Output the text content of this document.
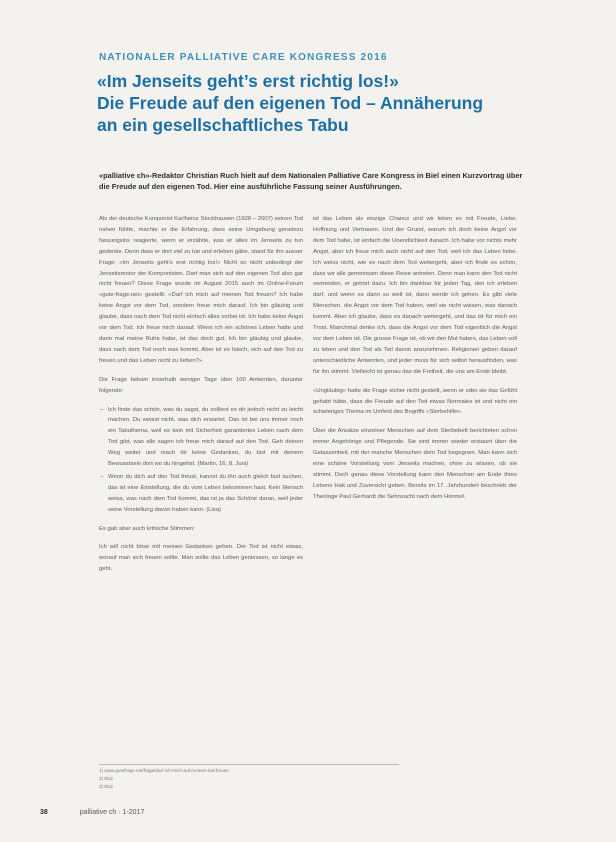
NATIONALER PALLIATIVE CARE KONGRESS 2016
«Im Jenseits geht’s erst richtig los!»
Die Freude auf den eigenen Tod – Annäherung
an ein gesellschaftliches Tabu
«palliative ch»-Redaktor Christian Ruch hielt auf dem Nationalen Palliative Care Kongress in Biel einen Kurzvortrag über die Freude auf den eigenen Tod. Hier eine ausführliche Fassung seiner Ausführungen.

Als der deutsche Komponist Karlheinz Stockhausen (1928 – 2007) seinen Tod nahen fühlte, machte er die Erfahrung, dass seine Umgebung geradezu fassungslos reagierte, wenn er erzählte, was er alles im Jenseits zu tun gedenke. Denn dass er dort viel zu tun und erleben gäbe, stand für ihn ausser Frage: «Im Jenseits geht’s erst richtig los!» Nicht so nicht unbedingt der Jenseitsmotor der Komponisten. Darf man sich auf den eigenen Tod also gar nicht freuen? Diese Frage wurde im August 2015 auch im Online-Forum «gute-frage.net» gestellt: «Darf ich mich auf meinen Tod freuen? Ich habe keine Angst vor dem Tod, sondern freue mich darauf. Ich bin gläubig und glaube, dass nach dem Tod nicht einfach alles vorbei ist. Ich habe keine Angst vor dem Tod. Ich freue mich darauf. Wenn ich ein schönes Leben hatte und dann mal meine Ruhe habe, ist das doch gut. Ich bin gläubig und glaube, dass nach dem Tod noch was kommt. Aber ist es falsch, sich auf den Tod zu freuen und das Leben nicht zu lieben?»

Die Frage bekam innerhalb weniger Tage über 100 Antworten, darunter folgende:

– Ich finde das schön, was du sagst, du solltest es dir jedoch nicht zu leicht machen. Du weisst nicht, was dich erwartet. Das ist bei uns immer noch ein Tabuthema, weil es kein mit Sicherheit garantiertes Leben nach dem Tod gibt, was alle sagen ich freue mich darauf auf den Tod. Geh deinen Weg weiter und mach dir keine Gedanken, du bist mit deinem Bewusstsein dort wo du hingehst. (Martin, 16, 8. Juni)
– Wenn du dich auf den Tod freust, kannst du ihn auch gleich fast suchen, das ist eine Einstellung, die du vom Leben bekommen hast. Kein Mensch weiss, was nach dem Tod kommt, das ist ja das Schöne daran, weil jeder seine Vorstellung davon haben kann. (Lisa)

Es gab aber auch kritische Stimmen:

Ich will nicht böse mit meinen Gedanken gehen. Der Tod ist nicht etwas, worauf man sich freuen sollte. Man sollte das Leben geniessen, so lange es geht.

ist das Leben als einzige Chance und wir leben es mit Freude, Liebe, Hoffnung und Vertrauen. Und der Grund, warum ich doch keine Angst vor dem Tod habe, ist einfach die Unendlichkeit danach. Ich habe vor nichts mehr Angst, aber ich freue mich auch nicht auf den Tod, weil ich das Leben liebe. Ich weiss nicht, wie es nach dem Tod weitergeht, aber ich finde es schön, dass wir alle gemeinsam diese Reise antreten. Denn man kann den Tod nicht vermeiden, er gehört dazu. Ich bin dankbar für jeden Tag, den ich erleben darf, und wenn es dann so weit ist, dann werde ich gehen. Es gibt viele Menschen, die Angst vor dem Tod haben, weil sie nicht wissen, was danach kommt. Aber ich glaube, dass es danach weitergeht, und das ist für mich ein Trost. Manchmal denke ich, dass die Angst vor dem Tod eigentlich die Angst vor dem Leben ist. Die grosse Frage ist, ob wir den Mut haben, das Leben voll zu leben und den Tod als Teil davon anzunehmen. Religionen geben darauf unterschiedliche Antworten, und jeder muss für sich selbst herausfinden, was für ihn stimmt. Vielleicht ist genau das die Freiheit, die uns am Ende bleibt.

«Ungläubig» hatte die Frage sicher nicht gestellt, wenn er oder sie das Gefühl gehabt hätte, dass die Freude auf den Tod etwas Normales ist und nicht ein schwieriges Thema im Umfeld des Begriffs «Sterbehilfe».

Über die Ansätze einzelner Menschen auf dem Sterbebett berichteten schon immer Angehörige und Pflegende. Sie sind immer wieder erstaunt über die Gelassenheit, mit der manche Menschen dem Tod begegnen. Man kann sich eine schöne Vorstellung vom Jenseits machen, ohne zu wissen, ob sie stimmt. Doch genau diese Vorstellung kann den Menschen am Ende ihres Lebens Halt und Zuversicht geben. Bereits im 17. Jahrhundert beschrieb der Theologe Paul Gerhardt die Sehnsucht nach dem Himmel.

1) www.gutefrage.net/frage/darf-ich-mich-auf-meinen-tod-freuen
2) Ebd.
3) Ebd.
38	palliative ch · 1-2017
